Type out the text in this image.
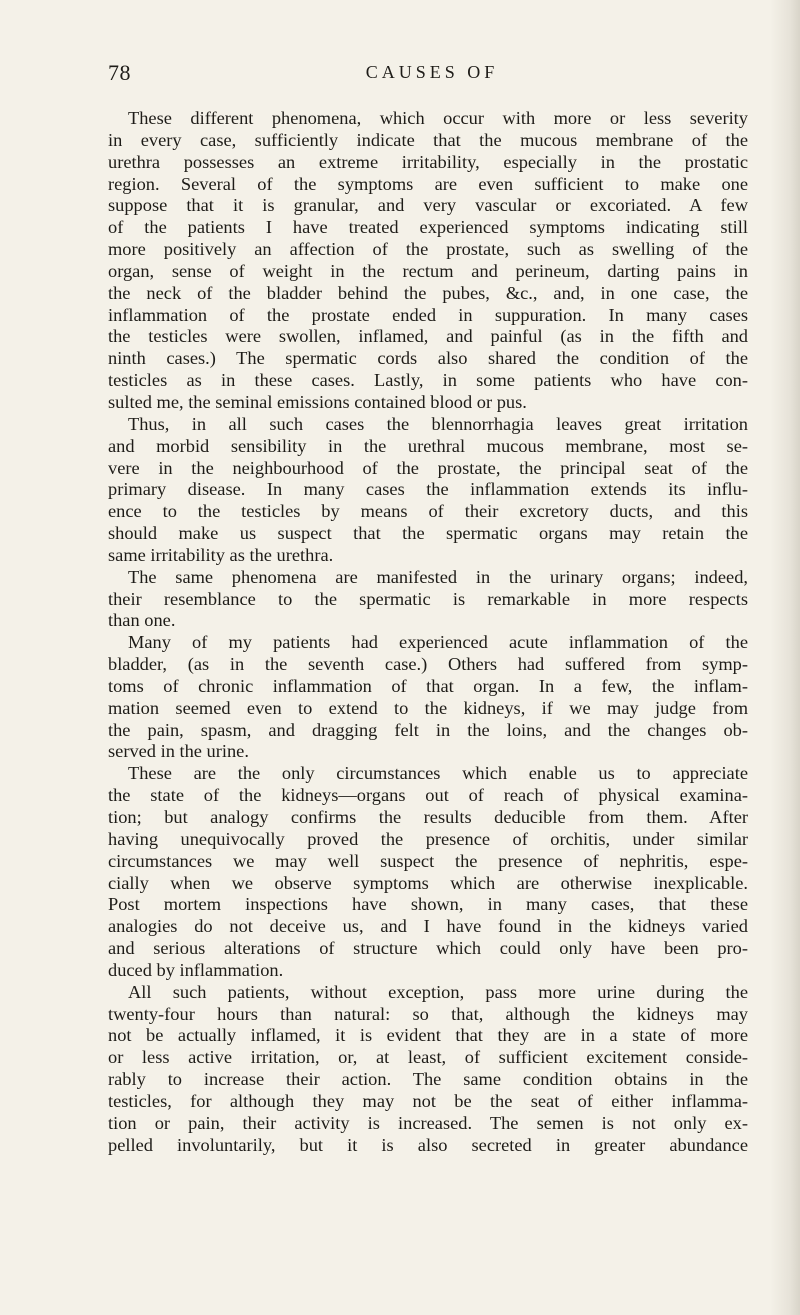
78	CAUSES OF
These different phenomena, which occur with more or less severity
in every case, sufficiently indicate that the mucous membrane of the
urethra possesses an extreme irritability, especially in the prostatic
region. Several of the symptoms are even sufficient to make one
suppose that it is granular, and very vascular or excoriated. A few
of the patients I have treated experienced symptoms indicating still
more positively an affection of the prostate, such as swelling of the
organ, sense of weight in the rectum and perineum, darting pains in
the neck of the bladder behind the pubes, &c., and, in one case, the
inflammation of the prostate ended in suppuration. In many cases
the testicles were swollen, inflamed, and painful (as in the fifth and
ninth cases.) The spermatic cords also shared the condition of the
testicles as in these cases. Lastly, in some patients who have con-
sulted me, the seminal emissions contained blood or pus.
Thus, in all such cases the blennorrhagia leaves great irritation
and morbid sensibility in the urethral mucous membrane, most se-
vere in the neighbourhood of the prostate, the principal seat of the
primary disease. In many cases the inflammation extends its influ-
ence to the testicles by means of their excretory ducts, and this
should make us suspect that the spermatic organs may retain the
same irritability as the urethra.
The same phenomena are manifested in the urinary organs; indeed,
their resemblance to the spermatic is remarkable in more respects
than one.
Many of my patients had experienced acute inflammation of the
bladder, (as in the seventh case.) Others had suffered from symp-
toms of chronic inflammation of that organ. In a few, the inflam-
mation seemed even to extend to the kidneys, if we may judge from
the pain, spasm, and dragging felt in the loins, and the changes ob-
served in the urine.
These are the only circumstances which enable us to appreciate
the state of the kidneys—organs out of reach of physical examina-
tion; but analogy confirms the results deducible from them. After
having unequivocally proved the presence of orchitis, under similar
circumstances we may well suspect the presence of nephritis, espe-
cially when we observe symptoms which are otherwise inexplicable.
Post mortem inspections have shown, in many cases, that these
analogies do not deceive us, and I have found in the kidneys varied
and serious alterations of structure which could only have been pro-
duced by inflammation.
All such patients, without exception, pass more urine during the
twenty-four hours than natural: so that, although the kidneys may
not be actually inflamed, it is evident that they are in a state of more
or less active irritation, or, at least, of sufficient excitement conside-
rably to increase their action. The same condition obtains in the
testicles, for although they may not be the seat of either inflamma-
tion or pain, their activity is increased. The semen is not only ex-
pelled involuntarily, but it is also secreted in greater abundance
